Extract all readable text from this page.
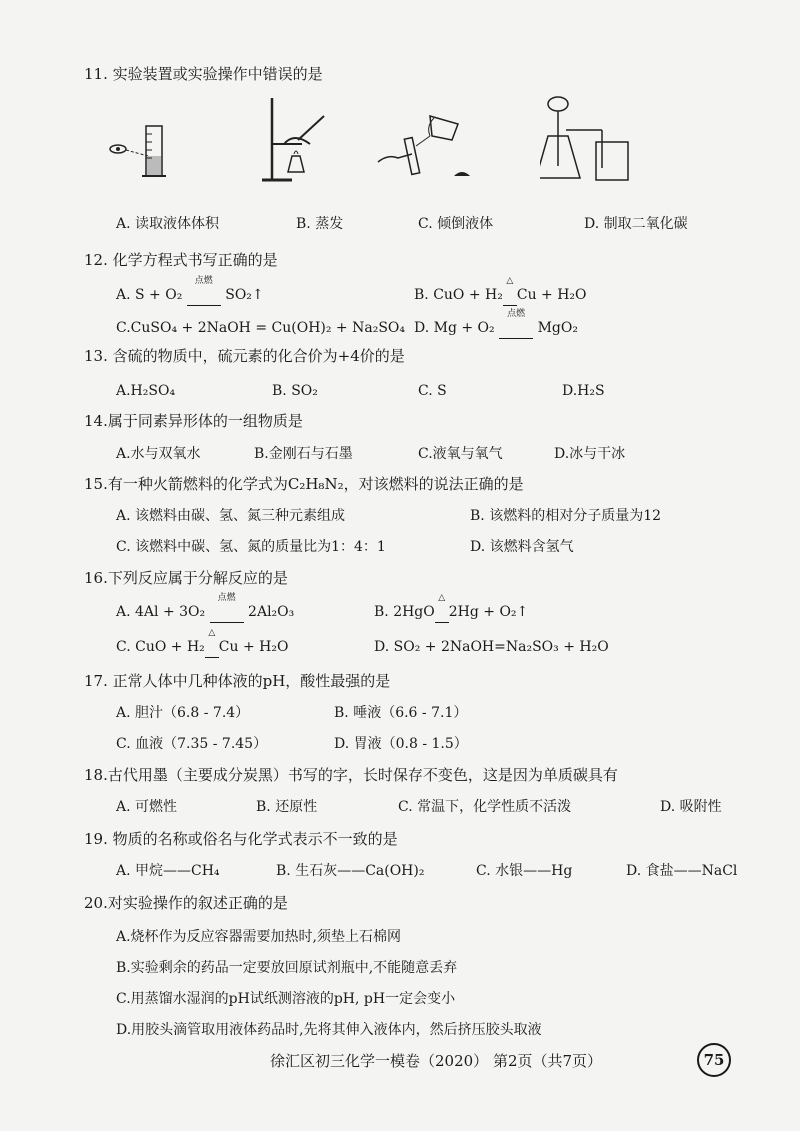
11. 实验装置或实验操作中错误的是
A. 读取液体体积	B. 蒸发	C. 倾倒液体	D. 制取二氧化碳
12. 化学方程式书写正确的是
A. S + O₂
点燃
SO₂↑	B. CuO + H₂
△
Cu + H₂O
C.CuSO₄ + 2NaOH = Cu(OH)₂ + Na₂SO₄ D. Mg + O₂
点燃
MgO₂
13. 含硫的物质中，硫元素的化合价为+4价的是
A.H₂SO₄	B. SO₂	C. S	D.H₂S
14.属于同素异形体的一组物质是
A.水与双氧水	B.金刚石与石墨	C.液氧与氧气	D.冰与干冰
15.有一种火箭燃料的化学式为C₂H₈N₂，对该燃料的说法正确的是
A. 该燃料由碳、氢、氮三种元素组成	B. 该燃料的相对分子质量为12
C. 该燃料中碳、氢、氮的质量比为1：4：1	D. 该燃料含氢气
16.下列反应属于分解反应的是
A. 4Al + 3O₂
点燃
2Al₂O₃	B. 2HgO
△
2Hg + O₂↑
C. CuO + H₂
△
Cu + H₂O	D. SO₂ + 2NaOH=Na₂SO₃ + H₂O
17. 正常人体中几种体液的pH，酸性最强的是
A. 胆汁（6.8 - 7.4）	B. 唾液（6.6 - 7.1）
C. 血液（7.35 - 7.45）	D. 胃液（0.8 - 1.5）
18.古代用墨（主要成分炭黑）书写的字，长时保存不变色，这是因为单质碳具有
A. 可燃性	B. 还原性	C. 常温下，化学性质不活泼	D. 吸附性
19. 物质的名称或俗名与化学式表示不一致的是
A. 甲烷——CH₄	B. 生石灰——Ca(OH)₂	C. 水银——Hg	D. 食盐——NaCl
20.对实验操作的叙述正确的是
A.烧杯作为反应容器需要加热时,须垫上石棉网
B.实验剩余的药品一定要放回原试剂瓶中,不能随意丢弃
C.用蒸馏水湿润的pH试纸测溶液的pH, pH一定会变小
D.用胶头滴管取用液体药品时,先将其伸入液体内，然后挤压胶头取液
徐汇区初三化学一模卷（2020） 第2页（共7页）	75
